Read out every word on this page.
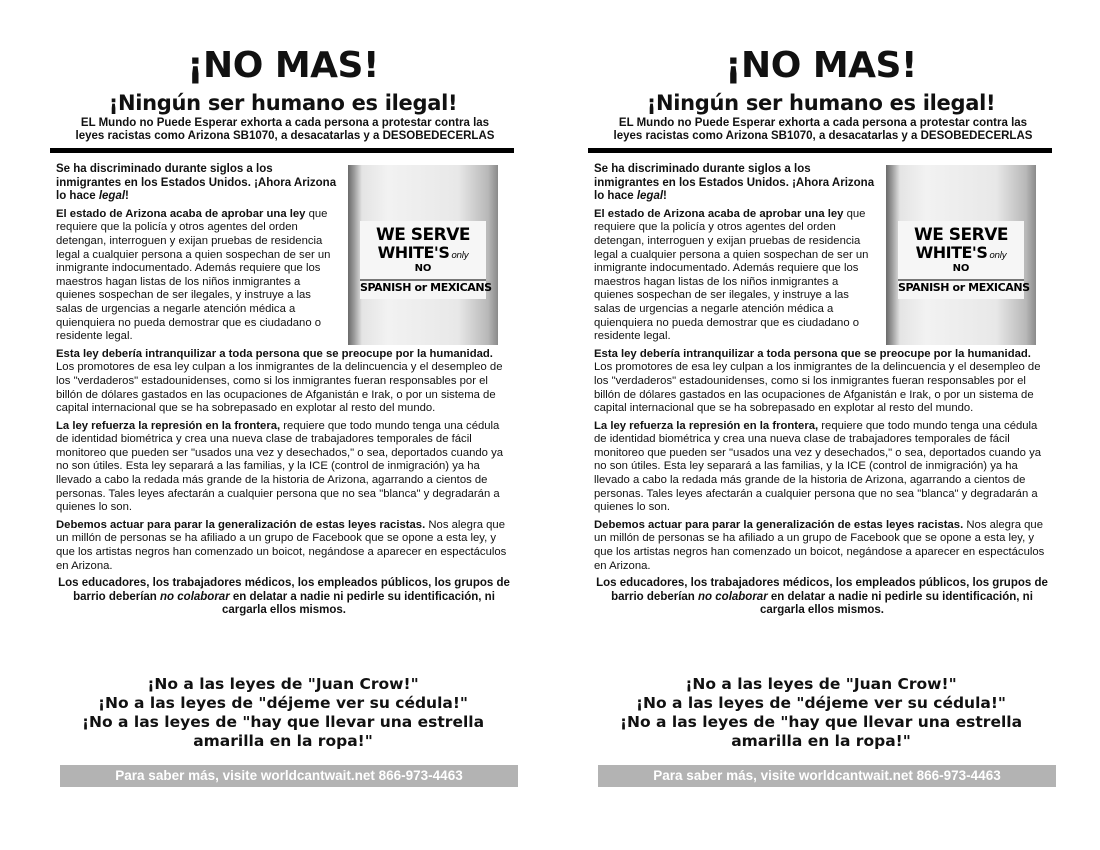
¡NO MAS!
¡Ningún ser humano es ilegal!
EL Mundo no Puede Esperar exhorta a cada persona a protestar contra las
leyes racistas como Arizona SB1070, a desacatarlas y a DESOBEDECERLAS
WE SERVE
WHITE'S only
NO
SPANISH or MEXICANS

Se ha discriminado durante siglos a los inmigrantes en los Estados Unidos. ¡Ahora Arizona lo hace legal!

El estado de Arizona acaba de aprobar una ley que requiere que la policía y otros agentes del orden detengan, interroguen y exijan pruebas de residencia legal a cualquier persona a quien sospechan de ser un inmigrante indocumentado. Además requiere que los maestros hagan listas de los niños inmigrantes a quienes sospechan de ser ilegales, y instruye a las salas de urgencias a negarle atención médica a quienquiera no pueda demostrar que es ciudadano o residente legal.

Esta ley debería intranquilizar a toda persona que se preocupe por la humanidad. Los promotores de esa ley culpan a los inmigrantes de la delincuencia y el desempleo de los "verdaderos" estadounidenses, como si los inmigrantes fueran responsables por el billón de dólares gastados en las ocupaciones de Afganistán e Irak, o por un sistema de capital internacional que se ha sobrepasado en explotar al resto del mundo.

La ley refuerza la represión en la frontera, requiere que todo mundo tenga una cédula de identidad biométrica y crea una nueva clase de trabajadores temporales de fácil monitoreo que pueden ser "usados una vez y desechados," o sea, deportados cuando ya no son útiles. Esta ley separará a las familias, y la ICE (control de inmigración) ya ha llevado a cabo la redada más grande de la historia de Arizona, agarrando a cientos de personas. Tales leyes afectarán a cualquier persona que no sea "blanca" y degradarán a quienes lo son.

Debemos actuar para parar la generalización de estas leyes racistas. Nos alegra que un millón de personas se ha afiliado a un grupo de Facebook que se opone a esta ley, y que los artistas negros han comenzado un boicot, negándose a aparecer en espectáculos en Arizona.

Los educadores, los trabajadores médicos, los empleados públicos, los grupos de barrio deberían no colaborar en delatar a nadie ni pedirle su identificación, ni cargarla ellos mismos.

¡No a las leyes de "Juan Crow!"
¡No a las leyes de "déjeme ver su cédula!"
¡No a las leyes de "hay que llevar una estrella amarilla en la ropa!"
Para saber más, visite worldcantwait.net 866-973-4463
¡NO MAS!
¡Ningún ser humano es ilegal!
EL Mundo no Puede Esperar exhorta a cada persona a protestar contra las
leyes racistas como Arizona SB1070, a desacatarlas y a DESOBEDECERLAS
WE SERVE
WHITE'S only
NO
SPANISH or MEXICANS

Se ha discriminado durante siglos a los inmigrantes en los Estados Unidos. ¡Ahora Arizona lo hace legal!

El estado de Arizona acaba de aprobar una ley que requiere que la policía y otros agentes del orden detengan, interroguen y exijan pruebas de residencia legal a cualquier persona a quien sospechan de ser un inmigrante indocumentado. Además requiere que los maestros hagan listas de los niños inmigrantes a quienes sospechan de ser ilegales, y instruye a las salas de urgencias a negarle atención médica a quienquiera no pueda demostrar que es ciudadano o residente legal.

Esta ley debería intranquilizar a toda persona que se preocupe por la humanidad. Los promotores de esa ley culpan a los inmigrantes de la delincuencia y el desempleo de los "verdaderos" estadounidenses, como si los inmigrantes fueran responsables por el billón de dólares gastados en las ocupaciones de Afganistán e Irak, o por un sistema de capital internacional que se ha sobrepasado en explotar al resto del mundo.

La ley refuerza la represión en la frontera, requiere que todo mundo tenga una cédula de identidad biométrica y crea una nueva clase de trabajadores temporales de fácil monitoreo que pueden ser "usados una vez y desechados," o sea, deportados cuando ya no son útiles. Esta ley separará a las familias, y la ICE (control de inmigración) ya ha llevado a cabo la redada más grande de la historia de Arizona, agarrando a cientos de personas. Tales leyes afectarán a cualquier persona que no sea "blanca" y degradarán a quienes lo son.

Debemos actuar para parar la generalización de estas leyes racistas. Nos alegra que un millón de personas se ha afiliado a un grupo de Facebook que se opone a esta ley, y que los artistas negros han comenzado un boicot, negándose a aparecer en espectáculos en Arizona.

Los educadores, los trabajadores médicos, los empleados públicos, los grupos de barrio deberían no colaborar en delatar a nadie ni pedirle su identificación, ni cargarla ellos mismos.

¡No a las leyes de "Juan Crow!"
¡No a las leyes de "déjeme ver su cédula!"
¡No a las leyes de "hay que llevar una estrella amarilla en la ropa!"
Para saber más, visite worldcantwait.net 866-973-4463
